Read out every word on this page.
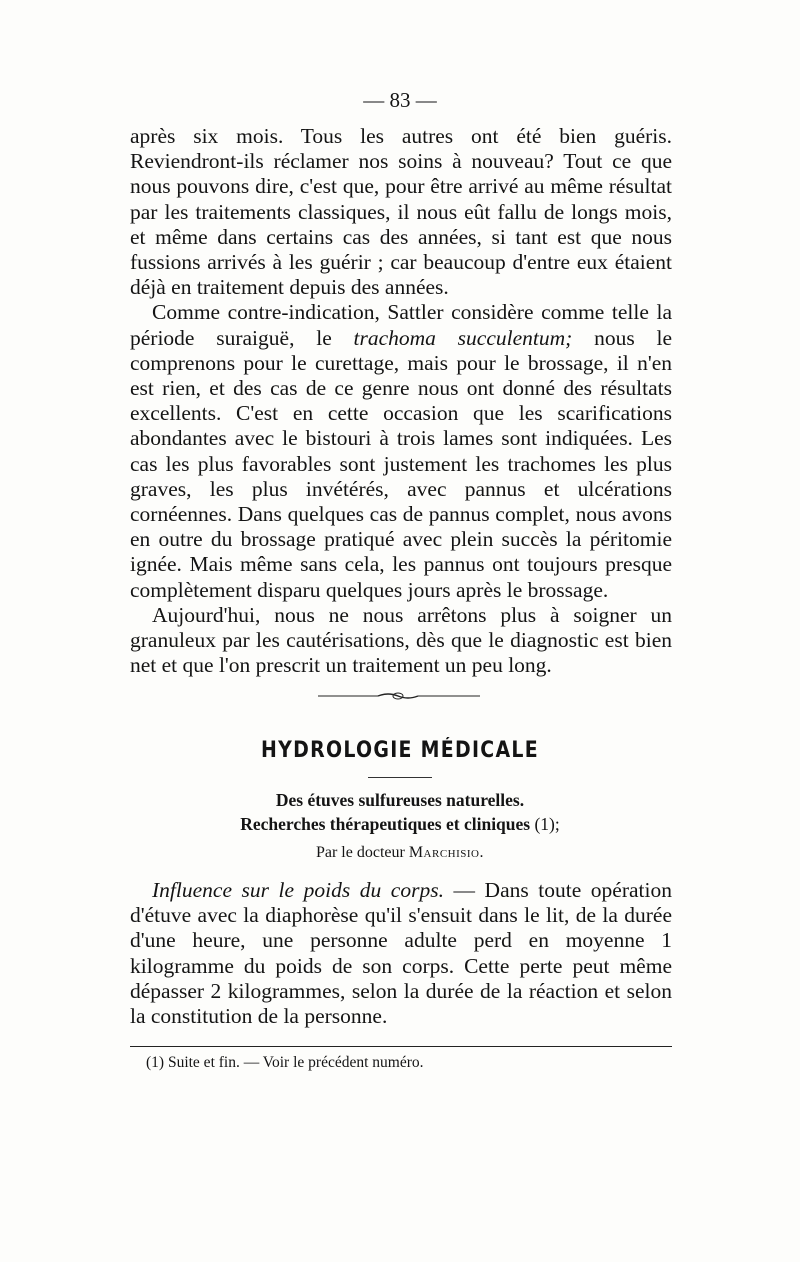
— 83 —

après six mois. Tous les autres ont été bien guéris. Reviendront-ils réclamer nos soins à nouveau? Tout ce que nous pouvons dire, c'est que, pour être arrivé au même résultat par les traitements classiques, il nous eût fallu de longs mois, et même dans certains cas des années, si tant est que nous fussions arrivés à les guérir ; car beaucoup d'entre eux étaient déjà en traitement depuis des années.

Comme contre-indication, Sattler considère comme telle la période suraiguë, le trachoma succulentum; nous le comprenons pour le curettage, mais pour le brossage, il n'en est rien, et des cas de ce genre nous ont donné des résultats excellents. C'est en cette occasion que les scarifications abondantes avec le bistouri à trois lames sont indiquées. Les cas les plus favorables sont justement les trachomes les plus graves, les plus invétérés, avec pannus et ulcérations cornéennes. Dans quelques cas de pannus complet, nous avons en outre du brossage pratiqué avec plein succès la péritomie ignée. Mais même sans cela, les pannus ont toujours presque complètement disparu quelques jours après le brossage.

Aujourd'hui, nous ne nous arrêtons plus à soigner un granuleux par les cautérisations, dès que le diagnostic est bien net et que l'on prescrit un traitement un peu long.

HYDROLOGIE MÉDICALE
Des étuves sulfureuses naturelles.
Recherches thérapeutiques et cliniques (1);
Par le docteur Marchisio.

Influence sur le poids du corps. — Dans toute opération d'étuve avec la diaphorèse qu'il s'ensuit dans le lit, de la durée d'une heure, une personne adulte perd en moyenne 1 kilogramme du poids de son corps. Cette perte peut même dépasser 2 kilogrammes, selon la durée de la réaction et selon la constitution de la personne.

(1) Suite et fin. — Voir le précédent numéro.
